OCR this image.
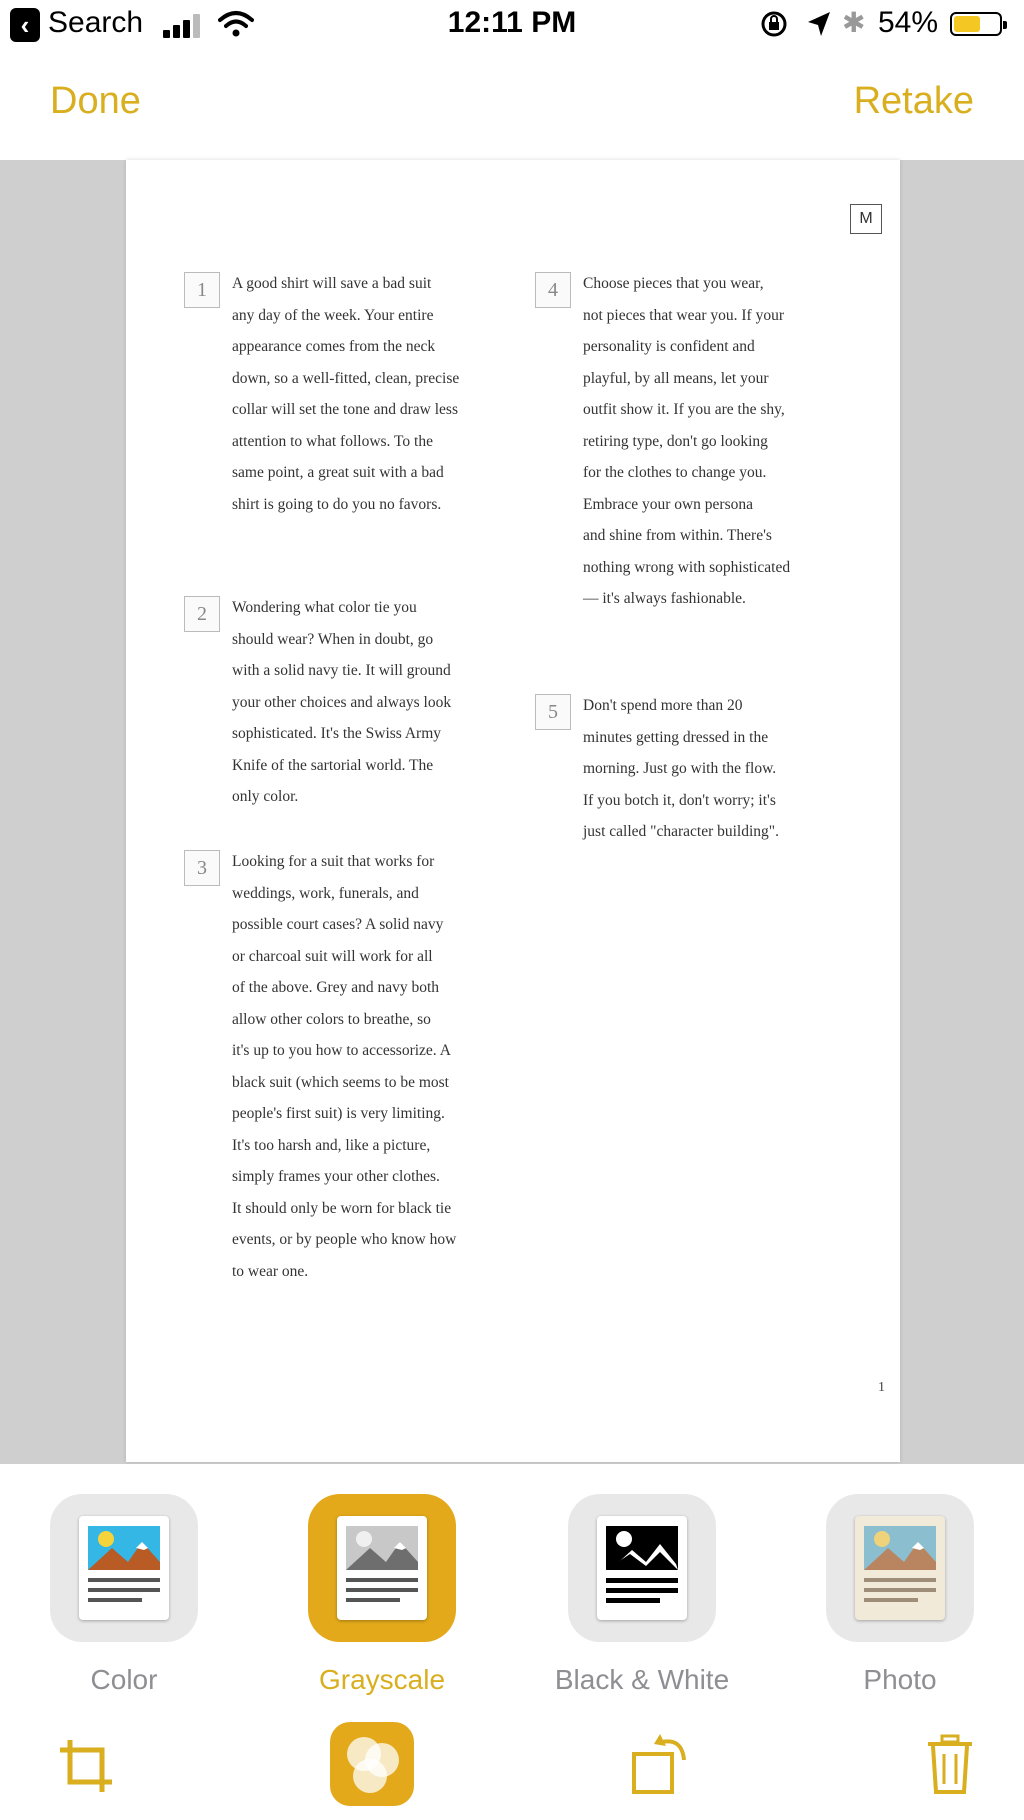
‹ Search	12:11 PM	✱ 54%
Done	Retake
M
1	A good shirt will save a bad suit
any day of the week. Your entire
appearance comes from the neck
down, so a well-fitted, clean, precise
collar will set the tone and draw less
attention to what follows. To the
same point, a great suit with a bad
shirt is going to do you no favors.
2	Wondering what color tie you
should wear? When in doubt, go
with a solid navy tie. It will ground
your other choices and always look
sophisticated. It's the Swiss Army
Knife of the sartorial world. The
only color.
3	Looking for a suit that works for
weddings, work, funerals, and
possible court cases? A solid navy
or charcoal suit will work for all
of the above. Grey and navy both
allow other colors to breathe, so
it's up to you how to accessorize. A
black suit (which seems to be most
people's first suit) is very limiting.
It's too harsh and, like a picture,
simply frames your other clothes.
It should only be worn for black tie
events, or by people who know how
to wear one.
4	Choose pieces that you wear,
not pieces that wear you. If your
personality is confident and
playful, by all means, let your
outfit show it. If you are the shy,
retiring type, don't go looking
for the clothes to change you.
Embrace your own persona
and shine from within. There's
nothing wrong with sophisticated
— it's always fashionable.
5	Don't spend more than 20
minutes getting dressed in the
morning. Just go with the flow.
If you botch it, don't worry; it's
just called "character building".
1
Color	Grayscale	Black & White	Photo
